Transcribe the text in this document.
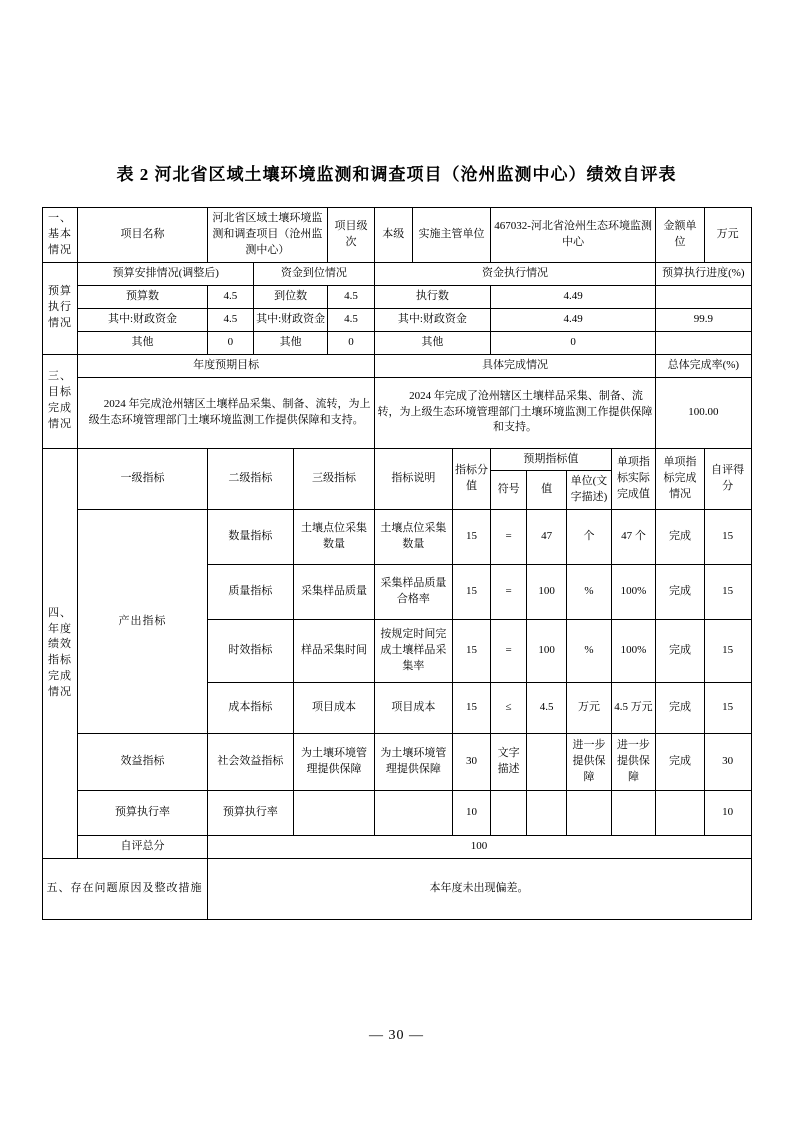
表 2 河北省区域土壤环境监测和调查项目（沧州监测中心）绩效自评表
一、基本情况	项目名称	河北省区域土壤环境监测和调查项目（沧州监测中心）			项目级次	本级	实施主管单位		467032-河北省沧州生态环境监测中心				金额单位	万元
预算执行情况	预算安排情况(调整后)		资金到位情况			资金执行情况							预算执行进度(%)	
	预算数	4.5	到位数		4.5	执行数			4.49					
	其中:财政资金	4.5	其中:财政资金		4.5	其中:财政资金			4.49				99.9	
	其他	0	其他		0	其他			0					
三、目标完成情况	年度预期目标					具体完成情况							总体完成率(%)	
	2024 年完成沧州辖区土壤样品采集、制备、流转，为上级生态环境管理部门土壤环境监测工作提供保障和支持。					2024 年完成了沧州辖区土壤样品采集、制备、流转，为上级生态环境管理部门土壤环境监测工作提供保障和支持。							100.00	
四、年度绩效指标完成情况	一级指标	二级指标		三级指标		指标说明		指标分值	预期指标值			单项指标实际完成值	单项指标完成情况	自评得分
									符号	值	单位(文字描述)			
	产出指标	数量指标		土壤点位采集数量		土壤点位采集数量		15	=	47	个	47 个	完成	15
		质量指标		采集样品质量		采集样品质量合格率		15	=	100	%	100%	完成	15
		时效指标		样品采集时间		按规定时间完成土壤样品采集率		15	=	100	%	100%	完成	15
		成本指标		项目成本		项目成本		15	≤	4.5	万元	4.5 万元	完成	15
	效益指标	社会效益指标		为土壤环境管理提供保障		为土壤环境管理提供保障		30	文字描述		进一步提供保障	进一步提供保障	完成	30
	预算执行率	预算执行率						10						10
	自评总分	100												
五、存在问题原因及整改措施		本年度未出现偏差。												
— 30 —
